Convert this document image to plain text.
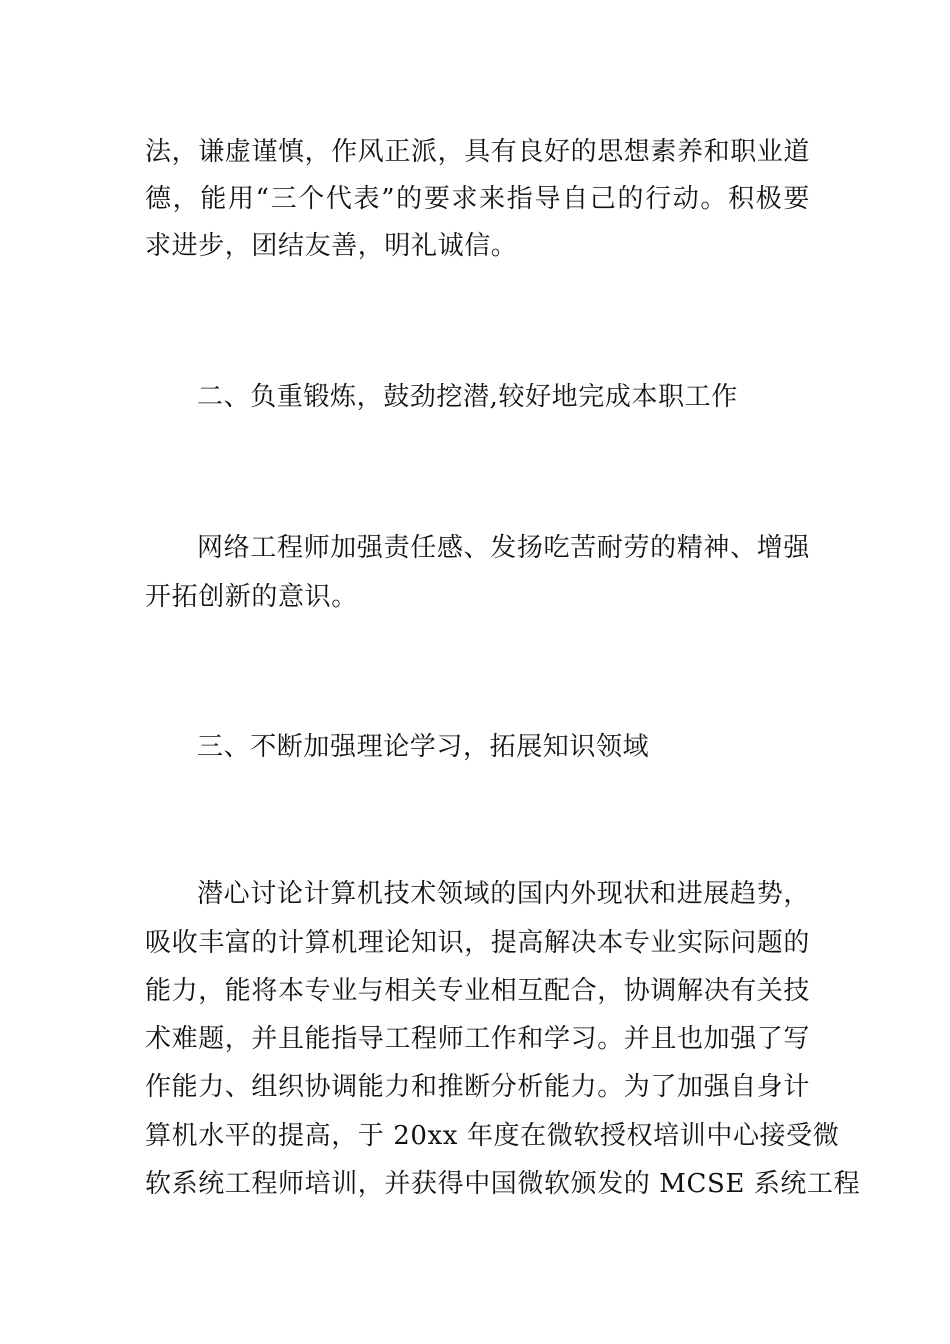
法，谦虚谨慎，作风正派，具有良好的思想素养和职业道
德，能用“三个代表”的要求来指导自己的行动。积极要
求进步，团结友善，明礼诚信。
二、负重锻炼，鼓劲挖潜,较好地完成本职工作
网络工程师加强责任感、发扬吃苦耐劳的精神、增强
开拓创新的意识。
三、不断加强理论学习，拓展知识领域
潜心讨论计算机技术领域的国内外现状和进展趋势，
吸收丰富的计算机理论知识，提高解决本专业实际问题的
能力，能将本专业与相关专业相互配合，协调解决有关技
术难题，并且能指导工程师工作和学习。并且也加强了写
作能力、组织协调能力和推断分析能力。为了加强自身计
算机水平的提高，于 20xx 年度在微软授权培训中心接受微
软系统工程师培训，并获得中国微软颁发的 MCSE 系统工程
